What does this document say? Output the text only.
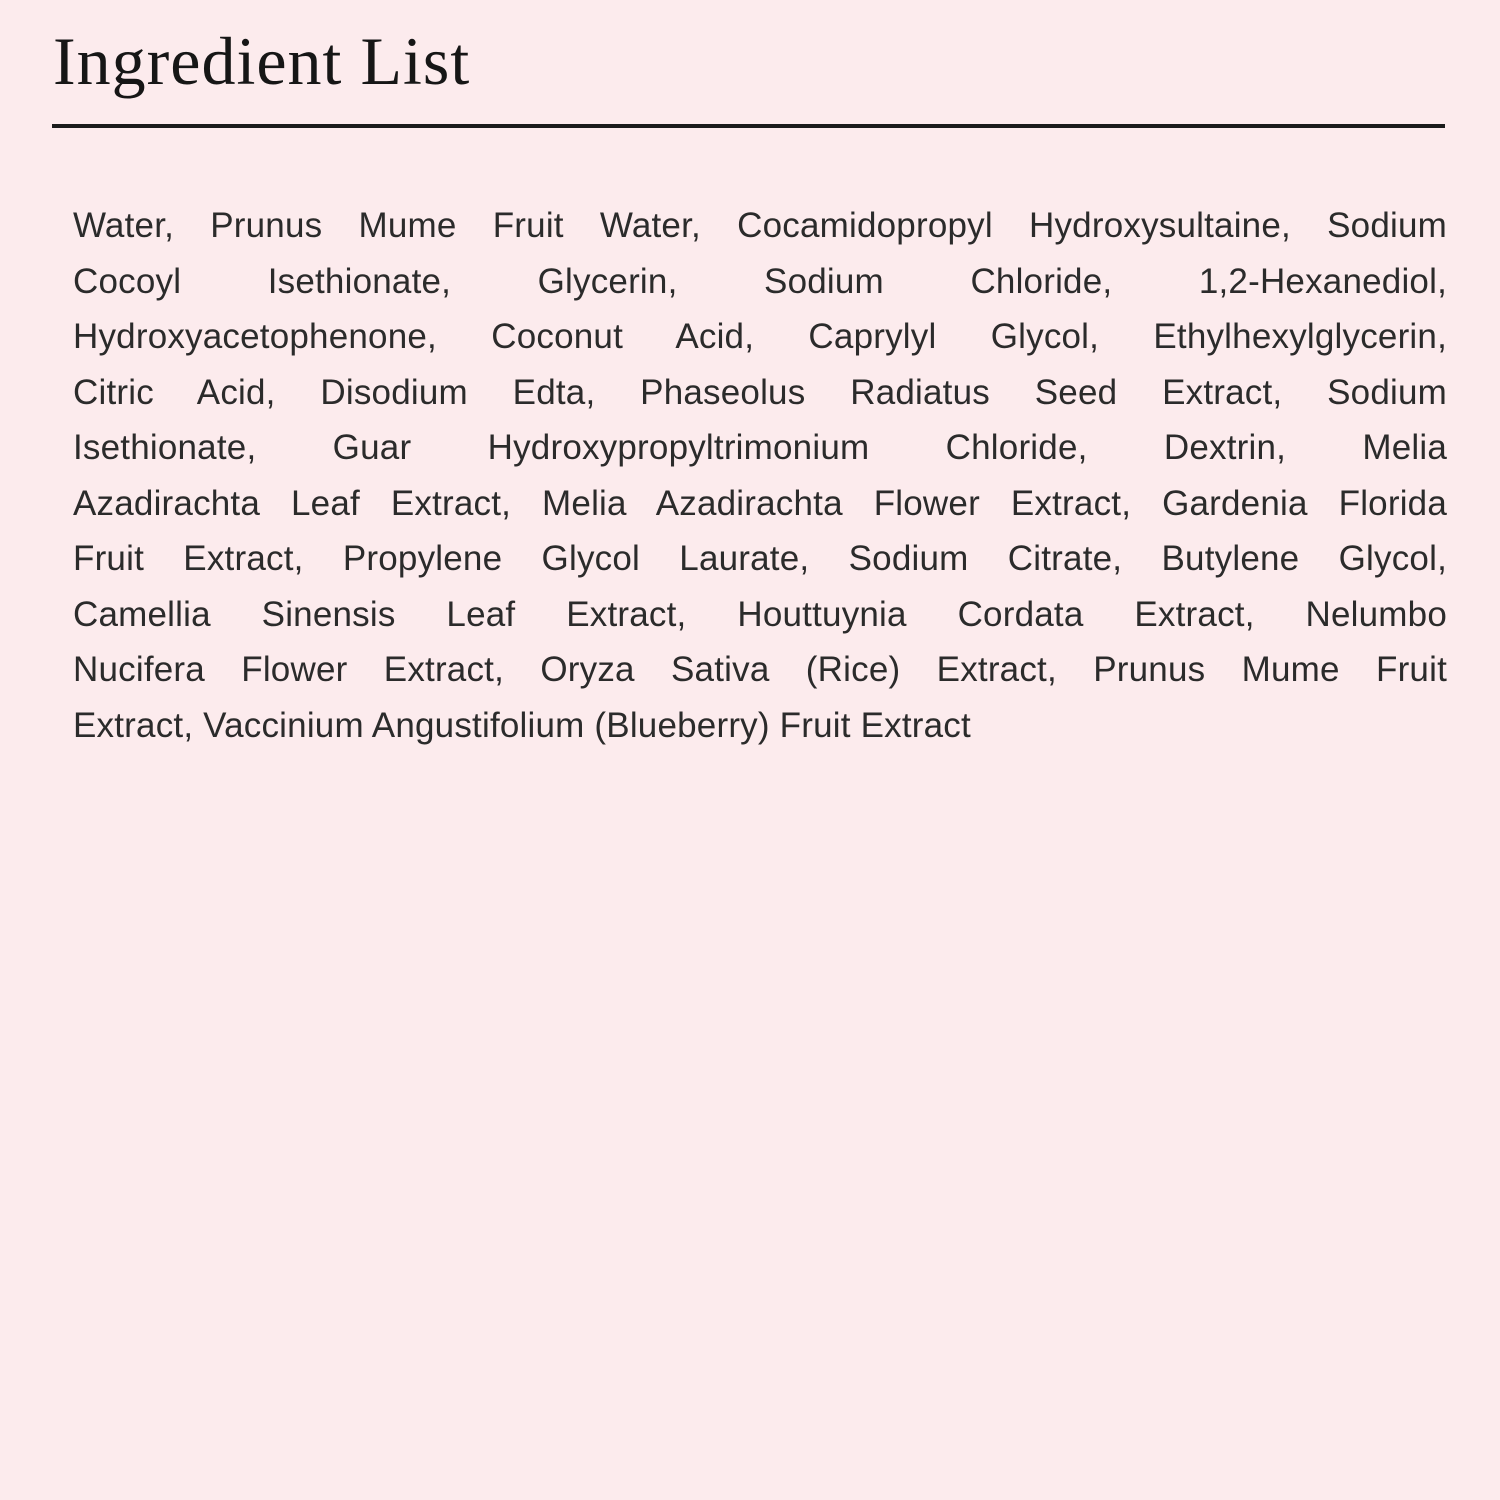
Ingredient List
Water, Prunus Mume Fruit Water, Cocamidopropyl Hydroxysultaine, Sodium
Cocoyl Isethionate, Glycerin, Sodium Chloride, 1,2-Hexanediol,
Hydroxyacetophenone, Coconut Acid, Caprylyl Glycol, Ethylhexylglycerin,
Citric Acid, Disodium Edta, Phaseolus Radiatus Seed Extract, Sodium
Isethionate, Guar Hydroxypropyltrimonium Chloride, Dextrin, Melia
Azadirachta Leaf Extract, Melia Azadirachta Flower Extract, Gardenia Florida
Fruit Extract, Propylene Glycol Laurate, Sodium Citrate, Butylene Glycol,
Camellia Sinensis Leaf Extract, Houttuynia Cordata Extract, Nelumbo
Nucifera Flower Extract, Oryza Sativa (Rice) Extract, Prunus Mume Fruit
Extract, Vaccinium Angustifolium (Blueberry) Fruit Extract
